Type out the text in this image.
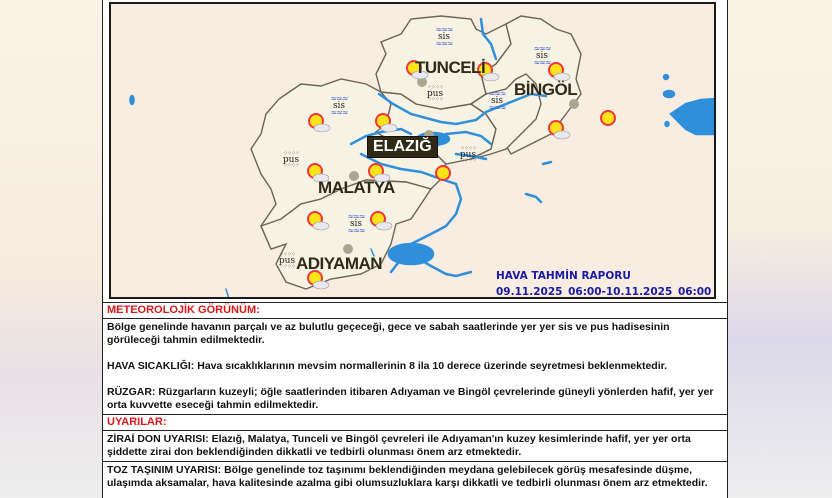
≈≈≈ sis ≈≈≈
≈≈≈ sis ≈≈≈
≈≈≈ sis ≈≈≈
≈≈≈ sis ≈≈≈
≈≈≈ sis ≈≈≈
⁘⁘⁘⁘ pus ⁘⁘⁘⁘
⁘⁘⁘⁘ pus ⁘⁘⁘⁘	⁘⁘⁘⁘ pus ⁘⁘⁘⁘
⁘⁘⁘⁘ pus ⁘⁘⁘⁘
TUNCELİ
BİNGÖL
ELAZIĞ
MALATYA
ADIYAMAN
HAVA TAHMİN RAPORU
09.11.2025 06:00-10.11.2025 06:00
METEOROLOJİK GÖRÜNÜM:
Bölge genelinde havanın parçalı ve az bulutlu geçeceği, gece ve sabah saatlerinde yer yer sis ve pus hadisesinin görüleceği tahmin edilmektedir.
HAVA SICAKLIĞI: Hava sıcaklıklarının mevsim normallerinin 8 ila 10 derece üzerinde seyretmesi beklenmektedir.
RÜZGAR: Rüzgarların kuzeyli; öğle saatlerinden itibaren Adıyaman ve Bingöl çevrelerinde güneyli yönlerden hafif, yer yer orta kuvvette eseceği tahmin edilmektedir.
UYARILAR:
ZİRAİ DON UYARISI: Elazığ, Malatya, Tunceli ve Bingöl çevreleri ile Adıyaman'ın kuzey kesimlerinde hafif, yer yer orta şiddette zirai don beklendiğinden dikkatli ve tedbirli olunması önem arz etmektedir.
TOZ TAŞINIM UYARISI: Bölge genelinde toz taşınımı beklendiğinden meydana gelebilecek görüş mesafesinde düşme, ulaşımda aksamalar, hava kalitesinde azalma gibi olumsuzluklara karşı dikkatli ve tedbirli olunması önem arz etmektedir.
